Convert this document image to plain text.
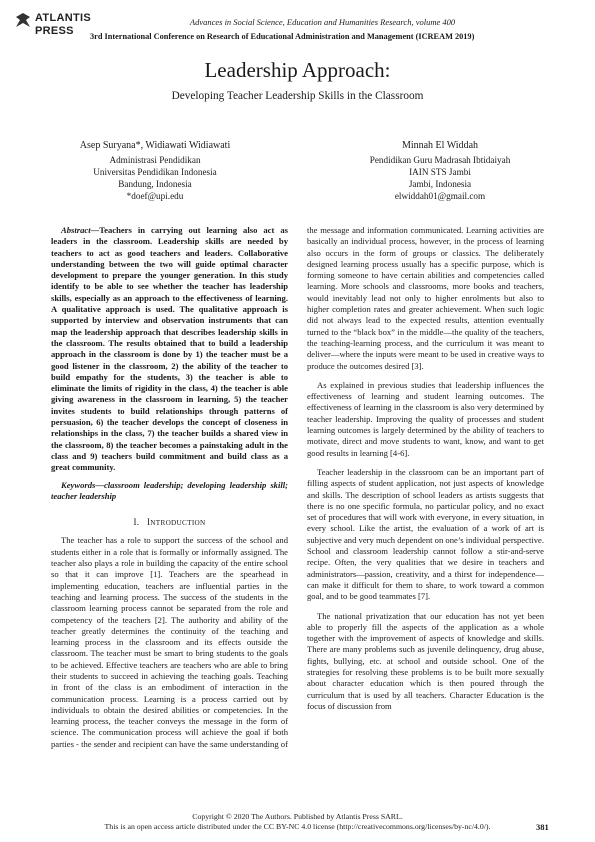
ATLANTIS
PRESS
Advances in Social Science, Education and Humanities Research, volume 400
3rd International Conference on Research of Educational Administration and Management (ICREAM 2019)
Leadership Approach:
Developing Teacher Leadership Skills in the Classroom
Asep Suryana*, Widiawati Widiawati
Administrasi Pendidikan
Universitas Pendidikan Indonesia
Bandung, Indonesia
*doef@upi.edu
Minnah El Widdah
Pendidikan Guru Madrasah Ibtidaiyah
IAIN STS Jambi
Jambi, Indonesia
elwiddah01@gmail.com

Abstract—Teachers in carrying out learning also act as leaders in the classroom. Leadership skills are needed by teachers to act as good teachers and leaders. Collaborative understanding between the two will guide optimal character development to prepare the younger generation. In this study identify to be able to see whether the teacher has leadership skills, especially as an approach to the effectiveness of learning. A qualitative approach is used. The qualitative approach is supported by interview and observation instruments that can map the leadership approach that describes leadership skills in the classroom. The results obtained that to build a leadership approach in the classroom is done by 1) the teacher must be a good listener in the classroom, 2) the ability of the teacher to build empathy for the students, 3) the teacher is able to eliminate the limits of rigidity in the class, 4) the teacher is able giving awareness in the classroom in learning, 5) the teacher invites students to build relationships through patterns of persuasion, 6) the teacher develops the concept of closeness in relationships in the class, 7) the teacher builds a shared view in the classroom, 8) the teacher becomes a painstaking adult in the class and 9) teachers build commitment and build class as a great community.

Keywords—classroom leadership; developing leadership skill; teacher leadership

I. INTRODUCTION

The teacher has a role to support the success of the school and students either in a role that is formally or informally assigned. The teacher also plays a role in building the capacity of the entire school so that it can improve [1]. Teachers are the spearhead in implementing education, teachers are influential parties in the teaching and learning process. The success of the students in the classroom learning process cannot be separated from the role and competency of the teachers [2]. The authority and ability of the teacher greatly determines the continuity of the teaching and learning process in the classroom and its effects outside the classroom. The teacher must be smart to bring students to the goals to be achieved. Effective teachers are teachers who are able to bring their students to succeed in achieving the teaching goals. Teaching in front of the class is an embodiment of interaction in the communication process. Learning is a process carried out by individuals to obtain the desired abilities or competencies. In the learning process, the teacher conveys the message in the form of science. The communication process will achieve the goal if both parties - the sender and recipient can have the same understanding of

the message and information communicated. Learning activities are basically an individual process, however, in the process of learning also occurs in the form of groups or classics. The deliberately designed learning process usually has a specific purpose, which is forming someone to have certain abilities and competencies called learning. More schools and classrooms, more books and teachers, would inevitably lead not only to higher enrolments but also to higher completion rates and greater achievement. When such logic did not always lead to the expected results, attention eventually turned to the “black box” in the middle—the quality of the teachers, the teaching-learning process, and the curriculum it was meant to deliver—where the inputs were meant to be used in creative ways to produce the outcomes desired [3].

As explained in previous studies that leadership influences the effectiveness of learning and student learning outcomes. The effectiveness of learning in the classroom is also very determined by teacher leadership. Improving the quality of processes and student learning outcomes is largely determined by the ability of teachers to motivate, direct and move students to want, know, and want to get good results in learning [4-6].

Teacher leadership in the classroom can be an important part of filling aspects of student application, not just aspects of knowledge and skills. The description of school leaders as artists suggests that there is no one specific formula, no particular policy, and no exact set of procedures that will work with everyone, in every situation, in every school. Like the artist, the evaluation of a work of art is subjective and very much dependent on one’s individual perspective. School and classroom leadership cannot follow a stir-and-serve recipe. Often, the very qualities that we desire in teachers and administrators—passion, creativity, and a thirst for independence—can make it difficult for them to share, to work toward a common goal, and to be good teammates [7].

The national privatization that our education has not yet been able to properly fill the aspects of the application as a whole together with the improvement of aspects of knowledge and skills. There are many problems such as juvenile delinquency, drug abuse, fights, bullying, etc. at school and outside school. One of the strategies for resolving these problems is to be built more sexually about character education which is then poured through the curriculum that is used by all teachers. Character Education is the focus of discussion from

Copyright © 2020 The Authors. Published by Atlantis Press SARL.
This is an open access article distributed under the CC BY-NC 4.0 license (http://creativecommons.org/licenses/by-nc/4.0/).	381
